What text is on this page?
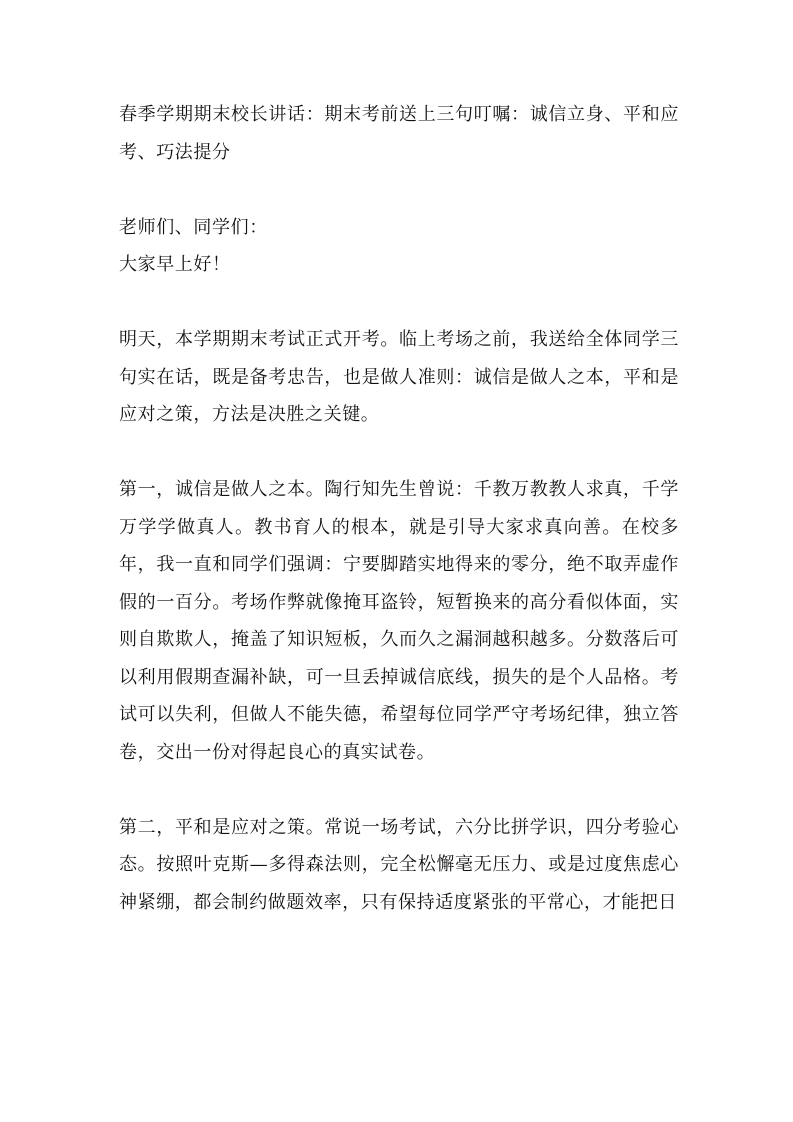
春季学期期末校长讲话：期末考前送上三句叮嘱：诚信立身、平和应考、巧法提分

老师们、同学们：

大家早上好！

明天，本学期期末考试正式开考。临上考场之前，我送给全体同学三句实在话，既是备考忠告，也是做人准则：诚信是做人之本，平和是应对之策，方法是决胜之关键。

第一，诚信是做人之本。陶行知先生曾说：千教万教教人求真，千学万学学做真人。教书育人的根本，就是引导大家求真向善。在校多年，我一直和同学们强调：宁要脚踏实地得来的零分，绝不取弄虚作假的一百分。考场作弊就像掩耳盗铃，短暂换来的高分看似体面，实则自欺欺人，掩盖了知识短板，久而久之漏洞越积越多。分数落后可以利用假期查漏补缺，可一旦丢掉诚信底线，损失的是个人品格。考试可以失利，但做人不能失德，希望每位同学严守考场纪律，独立答卷，交出一份对得起良心的真实试卷。

第二，平和是应对之策。常说一场考试，六分比拼学识，四分考验心态。按照叶克斯—多得森法则，完全松懈毫无压力、或是过度焦虑心神紧绷，都会制约做题效率，只有保持适度紧张的平常心，才能把日
